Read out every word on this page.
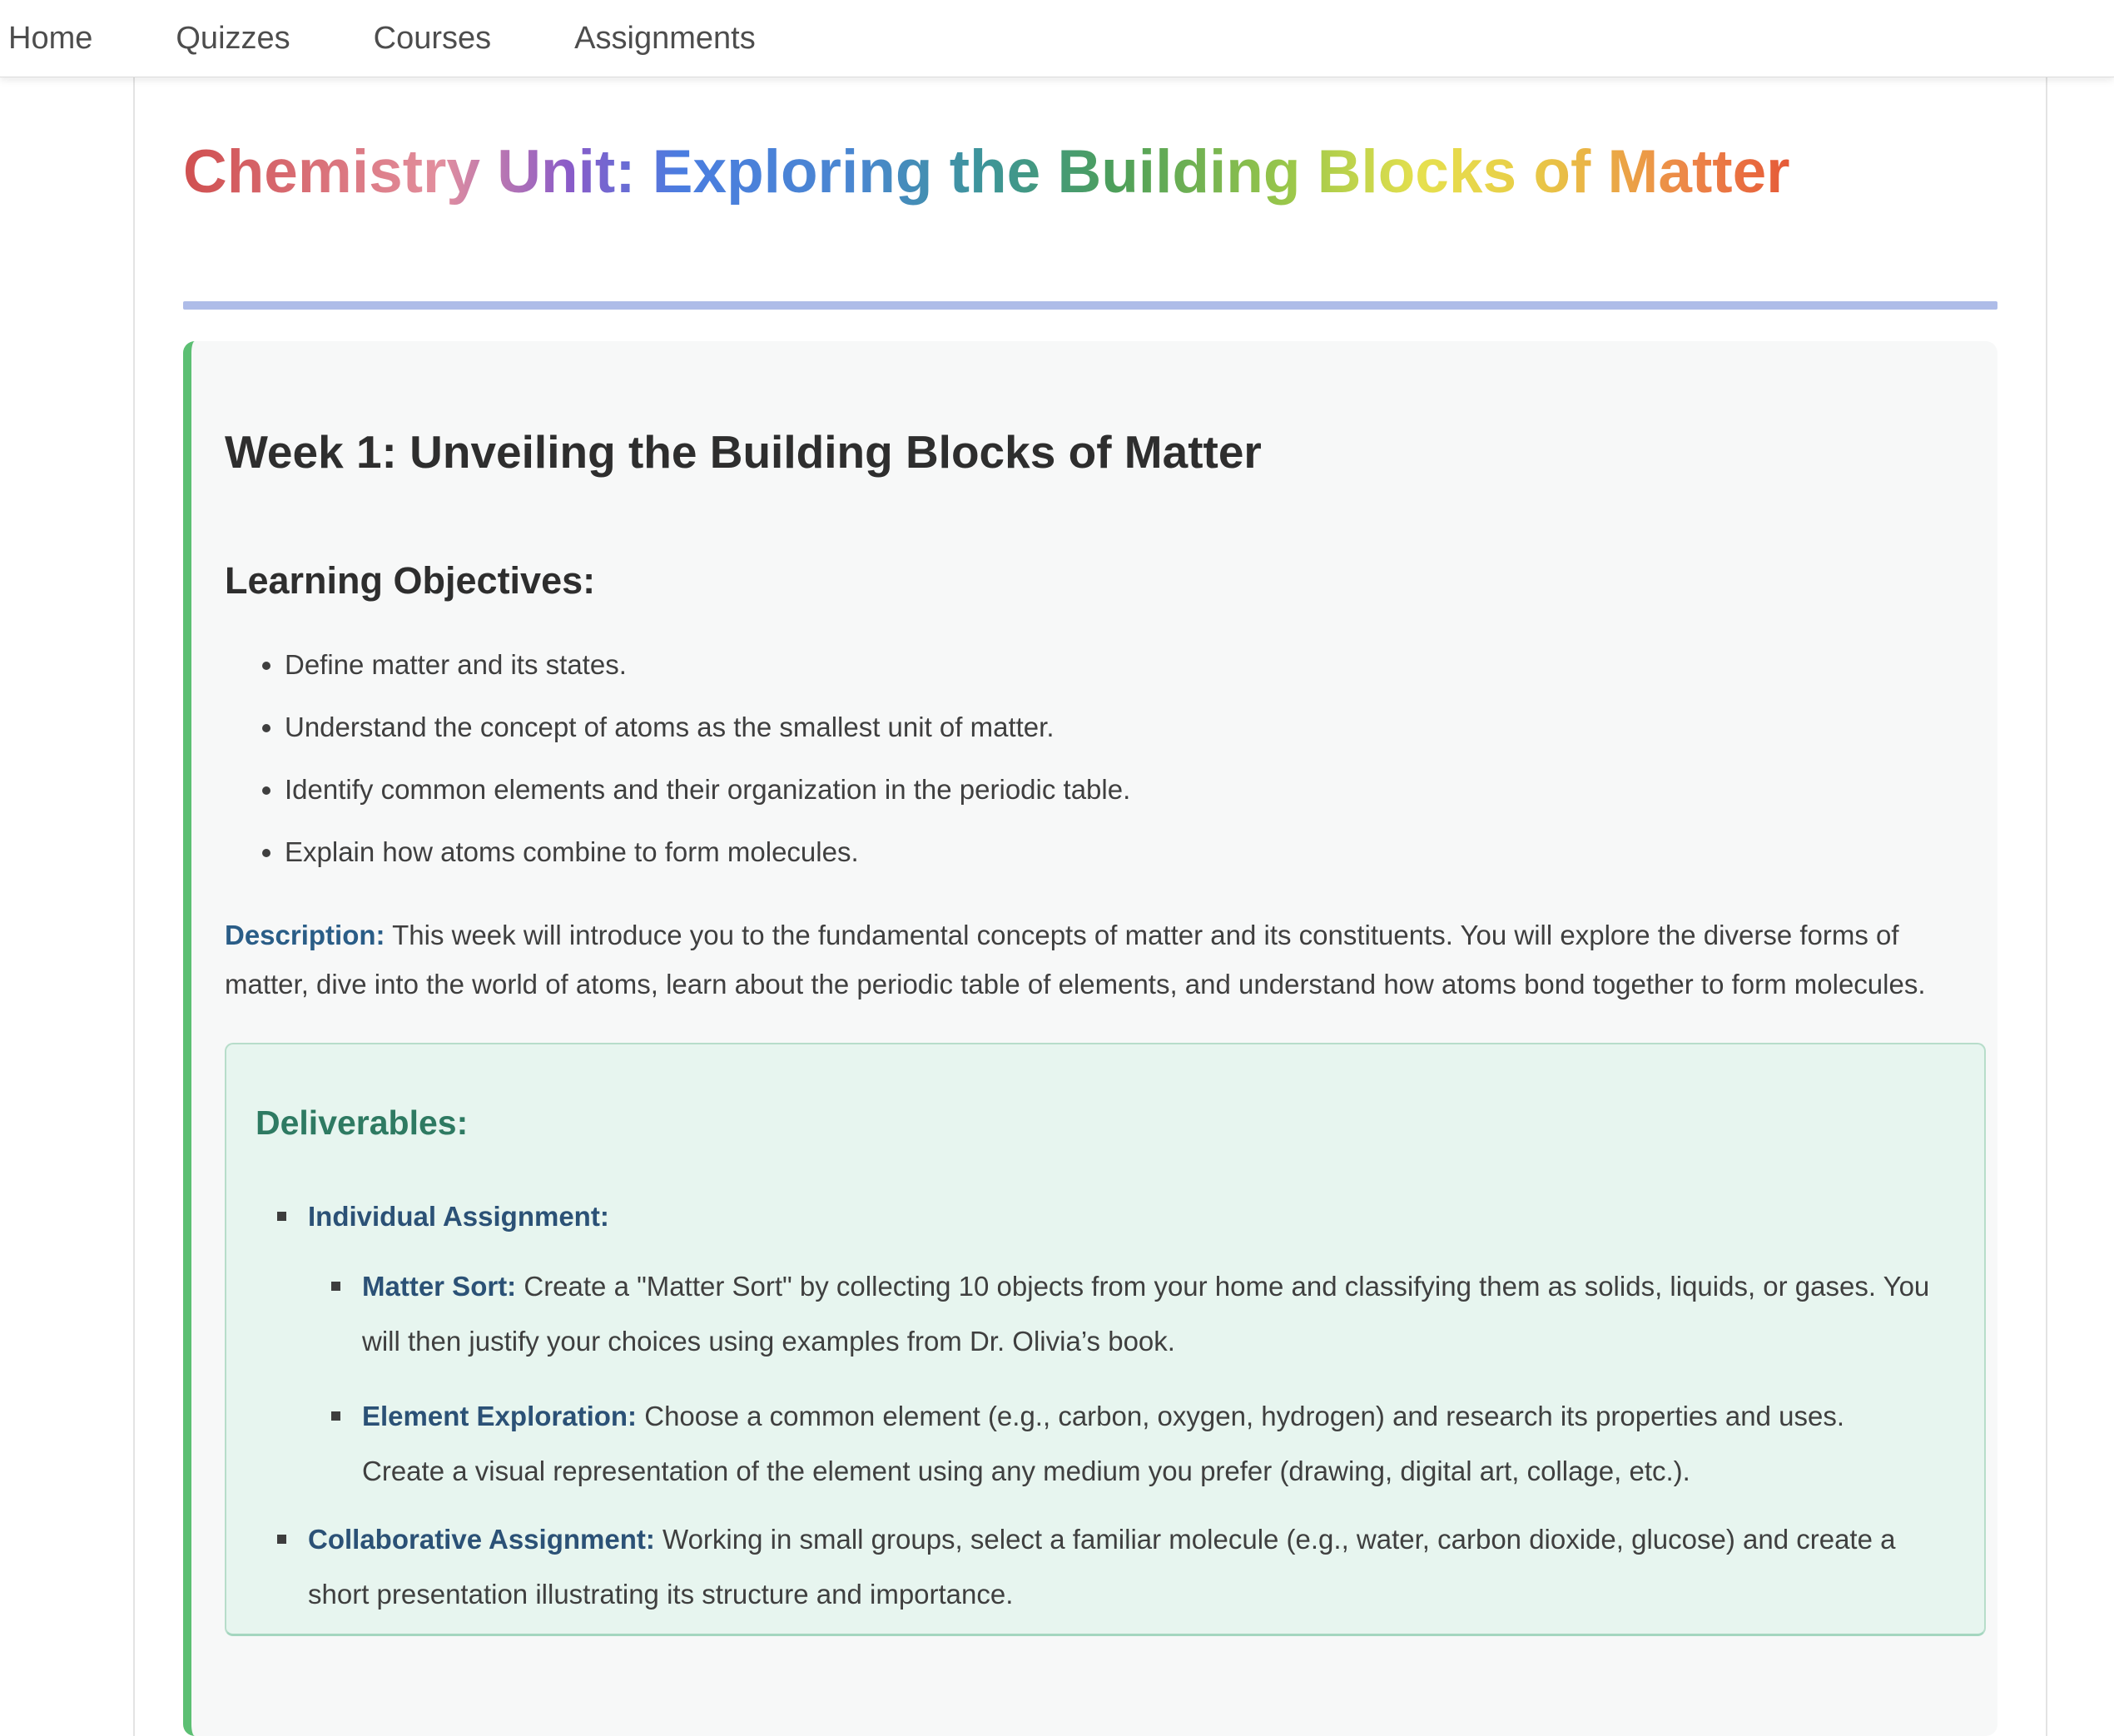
Home	Quizzes	Courses	Assignments
Chemistry Unit: Exploring the Building Blocks of Matter
Week 1: Unveiling the Building Blocks of Matter
Learning Objectives:
• Define matter and its states.
• Understand the concept of atoms as the smallest unit of matter.
• Identify common elements and their organization in the periodic table.
• Explain how atoms combine to form molecules.

Description: This week will introduce you to the fundamental concepts of matter and its constituents. You will explore the diverse forms of matter, dive into the world of atoms, learn about the periodic table of elements, and understand how atoms bond together to form molecules.

Deliverables:
Individual Assignment:
Matter Sort: Create a "Matter Sort" by collecting 10 objects from your home and classifying them as solids, liquids, or gases. You will then justify your choices using examples from Dr. Olivia’s book.
Element Exploration: Choose a common element (e.g., carbon, oxygen, hydrogen) and research its properties and uses. Create a visual representation of the element using any medium you prefer (drawing, digital art, collage, etc.).
Collaborative Assignment: Working in small groups, select a familiar molecule (e.g., water, carbon dioxide, glucose) and create a short presentation illustrating its structure and importance.
